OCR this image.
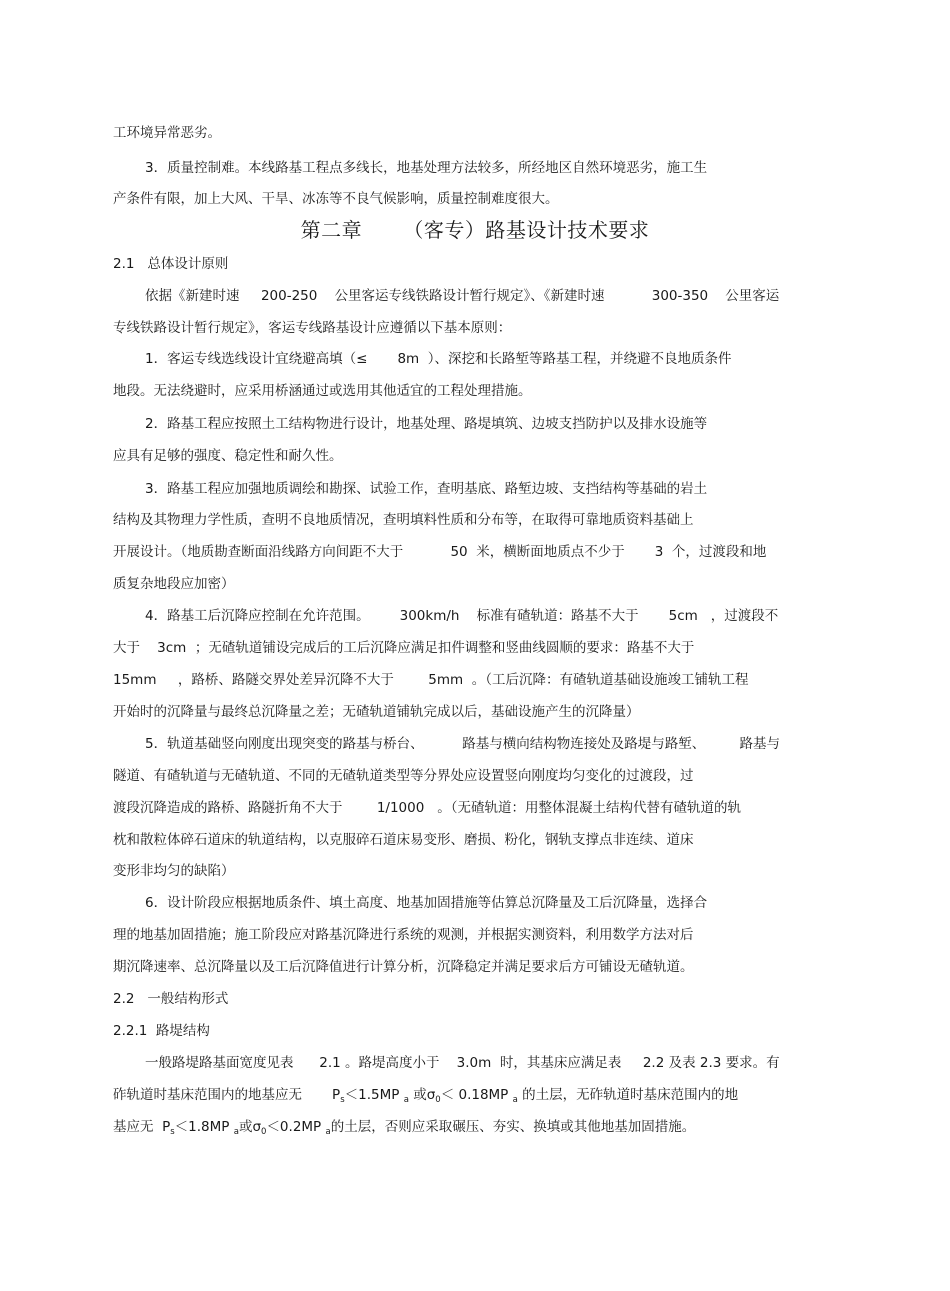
工环境异常恶劣。
3．质量控制难。本线路基工程点多线长，地基处理方法较多，所经地区自然环境恶劣，施工生
产条件有限，加上大风、干旱、冰冻等不良气候影响，质量控制难度很大。
第二章      （客专）路基设计技术要求
2.1   总体设计原则
依据《新建时速     200-250    公里客运专线铁路设计暂行规定》、《新建时速           300-350    公里客运
专线铁路设计暂行规定》，客运专线路基设计应遵循以下基本原则：
1．客运专线选线设计宜绕避高填（≤       8m  ）、深挖和长路堑等路基工程，并绕避不良地质条件
地段。无法绕避时，应采用桥涵通过或选用其他适宜的工程处理措施。
2．路基工程应按照土工结构物进行设计，地基处理、路堤填筑、边坡支挡防护以及排水设施等
应具有足够的强度、稳定性和耐久性。
3．路基工程应加强地质调绘和勘探、试验工作，查明基底、路堑边坡、支挡结构等基础的岩土
结构及其物理力学性质，查明不良地质情况，查明填料性质和分布等，在取得可靠地质资料基础上
开展设计。（地质勘查断面沿线路方向间距不大于           50  米，横断面地质点不少于       3  个，过渡段和地
质复杂地段应加密）
4．路基工后沉降应控制在允许范围。       300km/h    标准有碴轨道：路基不大于       5cm   ，过渡段不
大于    3cm  ；无碴轨道铺设完成后的工后沉降应满足扣件调整和竖曲线圆顺的要求：路基不大于
15mm     ，路桥、路隧交界处差异沉降不大于        5mm  。（工后沉降：有碴轨道基础设施竣工铺轨工程
开始时的沉降量与最终总沉降量之差；无碴轨道铺轨完成以后，基础设施产生的沉降量）
5．轨道基础竖向刚度出现突变的路基与桥台、         路基与横向结构物连接处及路堤与路堑、        路基与
隧道、有碴轨道与无碴轨道、不同的无碴轨道类型等分界处应设置竖向刚度均匀变化的过渡段，过
渡段沉降造成的路桥、路隧折角不大于        1/1000   。（无碴轨道：用整体混凝土结构代替有碴轨道的轨
枕和散粒体碎石道床的轨道结构，以克服碎石道床易变形、磨损、粉化，钢轨支撑点非连续、道床
变形非均匀的缺陷）
6．设计阶段应根据地质条件、填土高度、地基加固措施等估算总沉降量及工后沉降量，选择合
理的地基加固措施；施工阶段应对路基沉降进行系统的观测，并根据实测资料，利用数学方法对后
期沉降速率、总沉降量以及工后沉降值进行计算分析，沉降稳定并满足要求后方可铺设无碴轨道。
2.2   一般结构形式
2.2.1  路堤结构
一般路堤路基面宽度见表      2.1 。路堤高度小于    3.0m  时，其基床应满足表     2.2 及表 2.3 要求。有
砟轨道时基床范围内的地基应无       $P_s<1.5MP$ $_a$ 或$\sigma_0< 0.18MP$ $_a$ 的土层，无砟轨道时基床范围内的地
基应无  $P_s<1.8MP$ $_a$或$\sigma_0<0.2MP$ $_a$的土层，否则应采取碾压、夯实、换填或其他地基加固措施。
